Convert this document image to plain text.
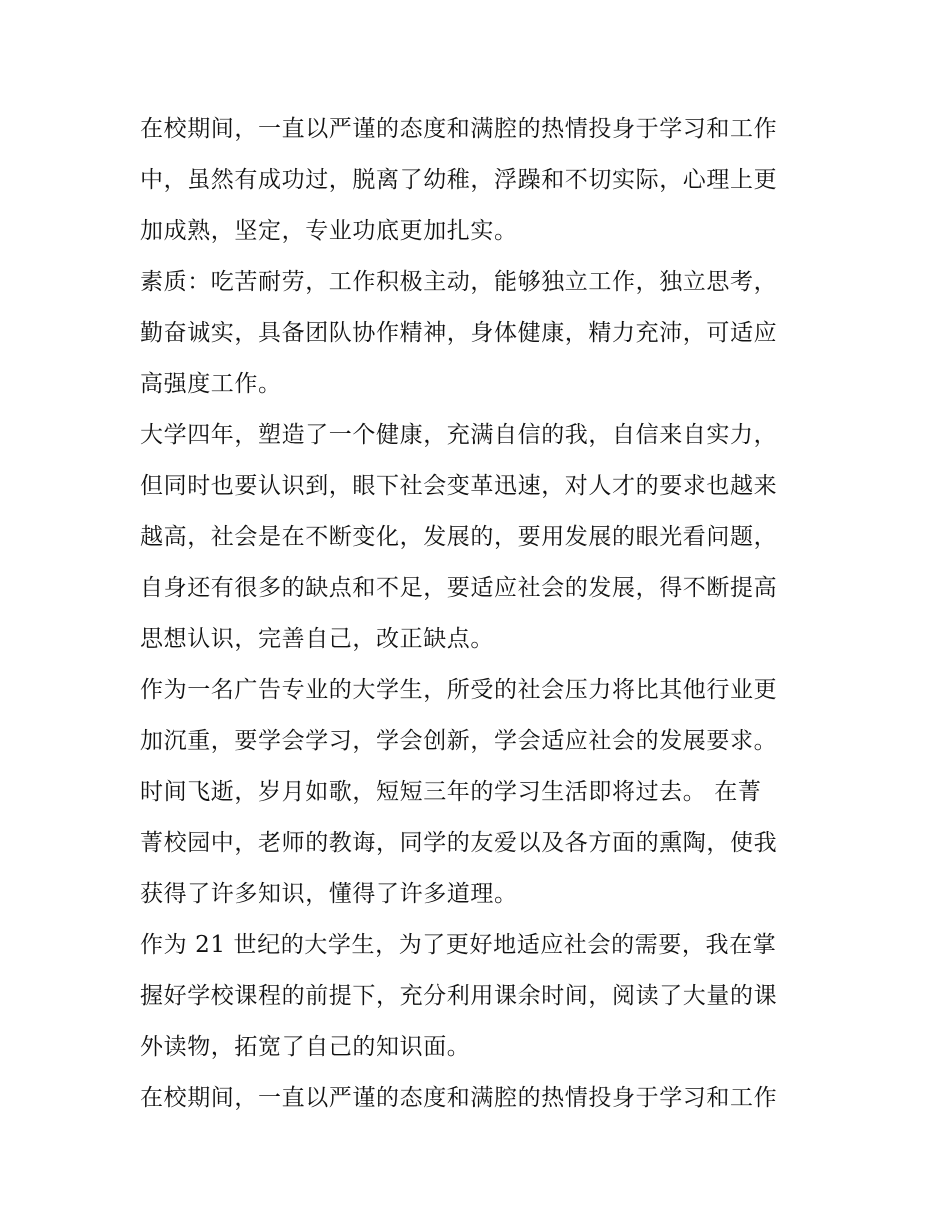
在校期间，一直以严谨的态度和满腔的热情投身于学习和工作
中，虽然有成功过，脱离了幼稚，浮躁和不切实际，心理上更
加成熟，坚定，专业功底更加扎实。

素质：吃苦耐劳，工作积极主动，能够独立工作，独立思考，
勤奋诚实，具备团队协作精神，身体健康，精力充沛，可适应
高强度工作。

大学四年，塑造了一个健康，充满自信的我，自信来自实力，
但同时也要认识到，眼下社会变革迅速，对人才的要求也越来
越高，社会是在不断变化，发展的，要用发展的眼光看问题，
自身还有很多的缺点和不足，要适应社会的发展，得不断提高
思想认识，完善自己，改正缺点。

作为一名广告专业的大学生，所受的社会压力将比其他行业更
加沉重，要学会学习，学会创新，学会适应社会的发展要求。

时间飞逝，岁月如歌，短短三年的学习生活即将过去。 在菁
菁校园中，老师的教诲，同学的友爱以及各方面的熏陶，使我
获得了许多知识，懂得了许多道理。

作为 21 世纪的大学生，为了更好地适应社会的需要，我在掌
握好学校课程的前提下，充分利用课余时间，阅读了大量的课
外读物，拓宽了自己的知识面。

在校期间，一直以严谨的态度和满腔的热情投身于学习和工作
